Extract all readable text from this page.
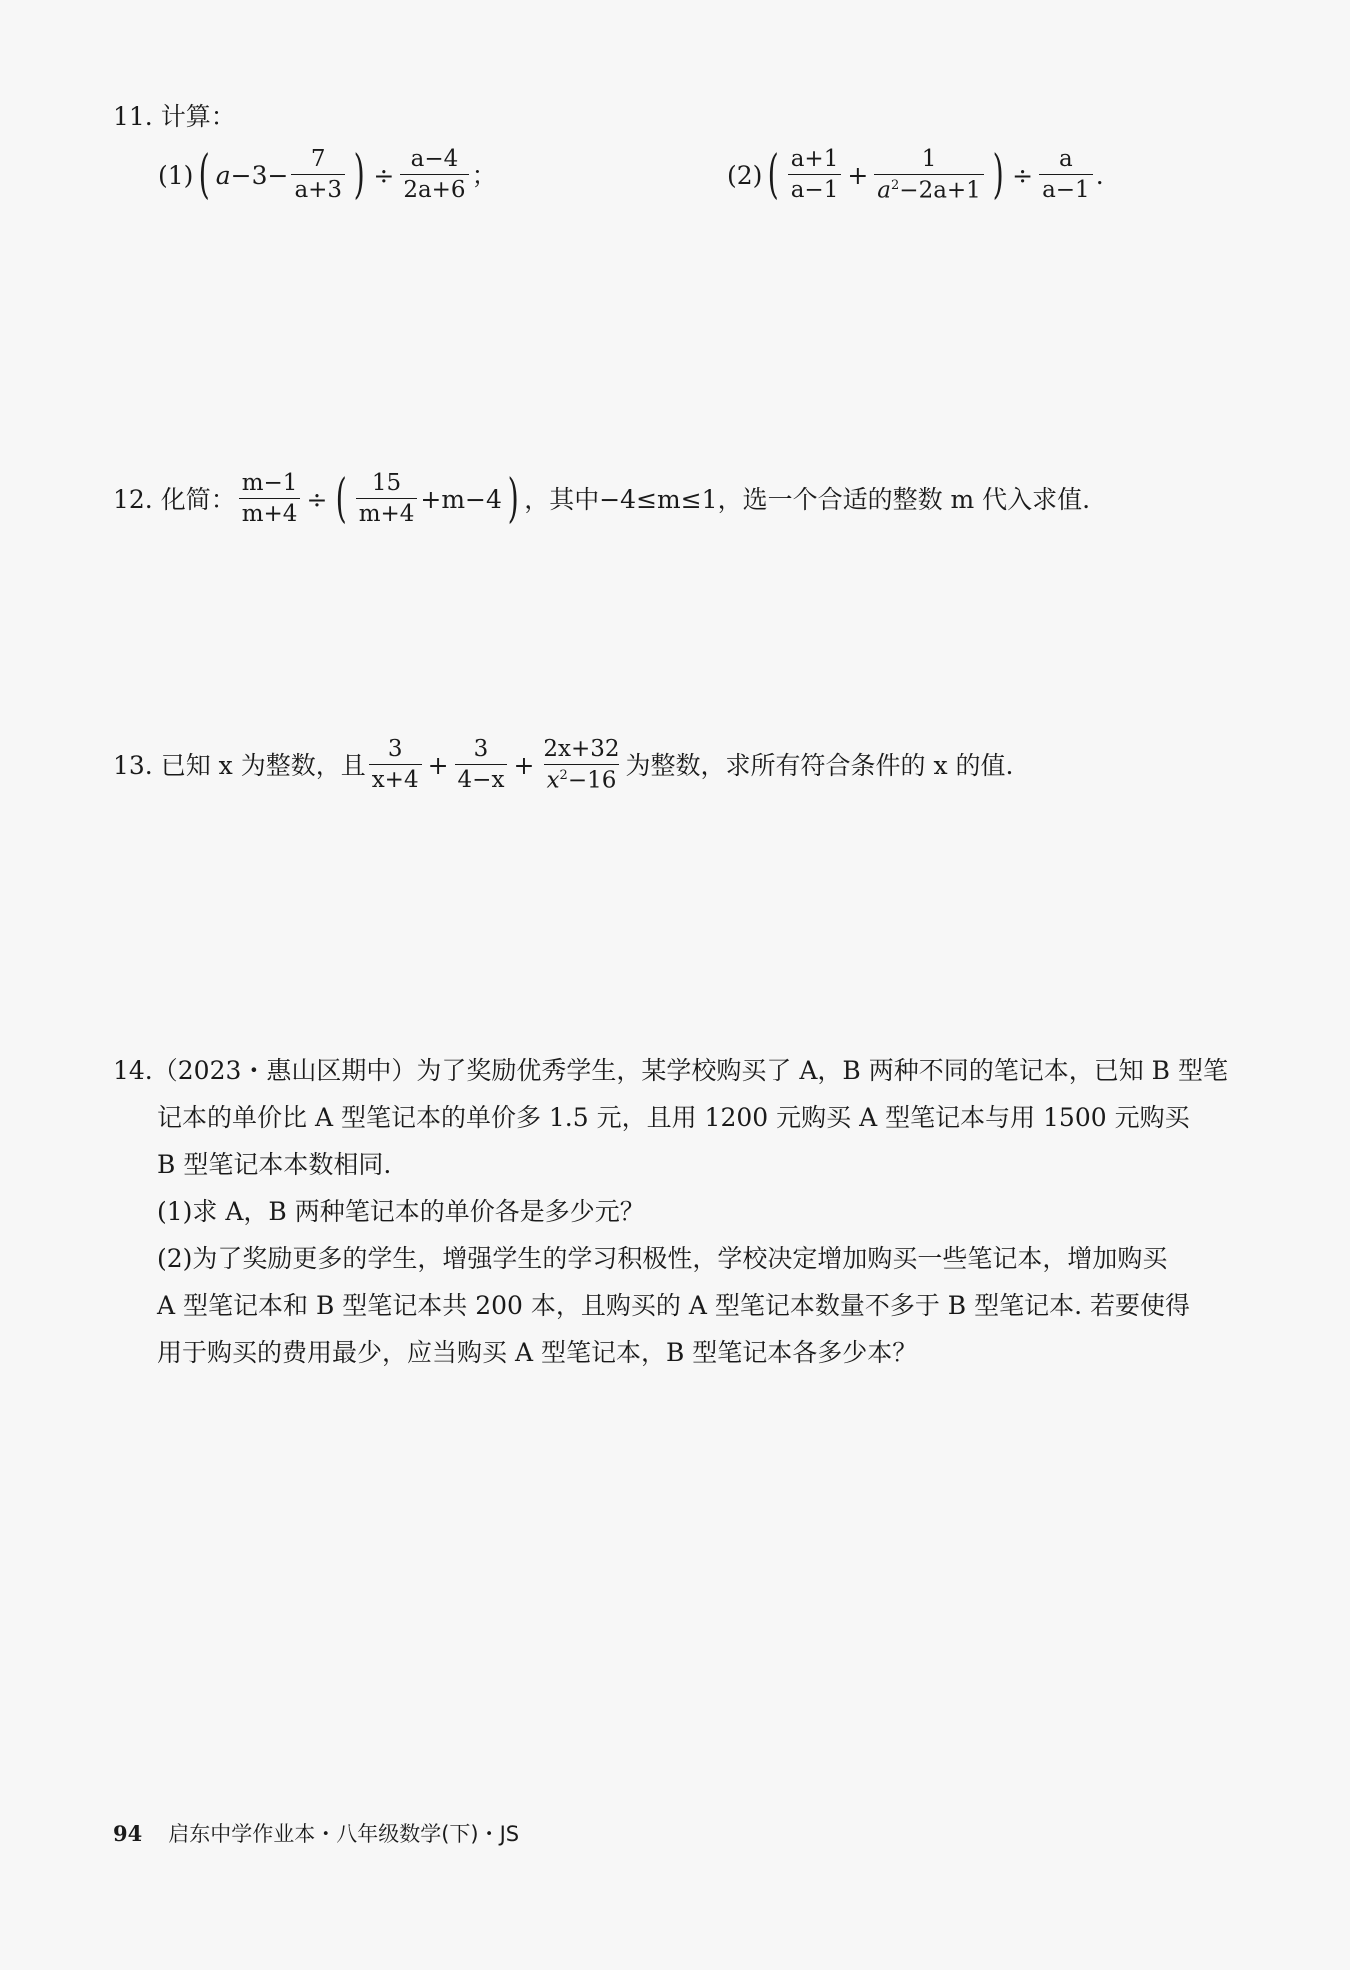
11. 计算：
(1) ( $a -3- \frac{7}{a+3}$ ) ÷ $\frac{a-4}{2a+6}$ ；	(2) ( $\frac{a+1}{a-1} + \frac{1}{a^2-2a+1}$ ) ÷ $\frac{a}{a-1}$ .
12. 化简： $\frac{m-1}{m+4}$ ÷ ( $\frac{15}{m+4} +m-4$ ) ，其中−4≤m≤1，选一个合适的整数 m 代入求值.
13. 已知 x 为整数，且 $\frac{3}{x+4} + \frac{3}{4-x} + \frac{2x+32}{x^2-16}$ 为整数，求所有符合条件的 x 的值.
14.（2023・惠山区期中）为了奖励优秀学生，某学校购买了 A，B 两种不同的笔记本，已知 B 型笔
记本的单价比 A 型笔记本的单价多 1.5 元，且用 1200 元购买 A 型笔记本与用 1500 元购买
B 型笔记本本数相同.
(1)求 A，B 两种笔记本的单价各是多少元？
(2)为了奖励更多的学生，增强学生的学习积极性，学校决定增加购买一些笔记本，增加购买
A 型笔记本和 B 型笔记本共 200 本，且购买的 A 型笔记本数量不多于 B 型笔记本. 若要使得
用于购买的费用最少，应当购买 A 型笔记本，B 型笔记本各多少本？
94 启东中学作业本・八年级数学(下)・JS
